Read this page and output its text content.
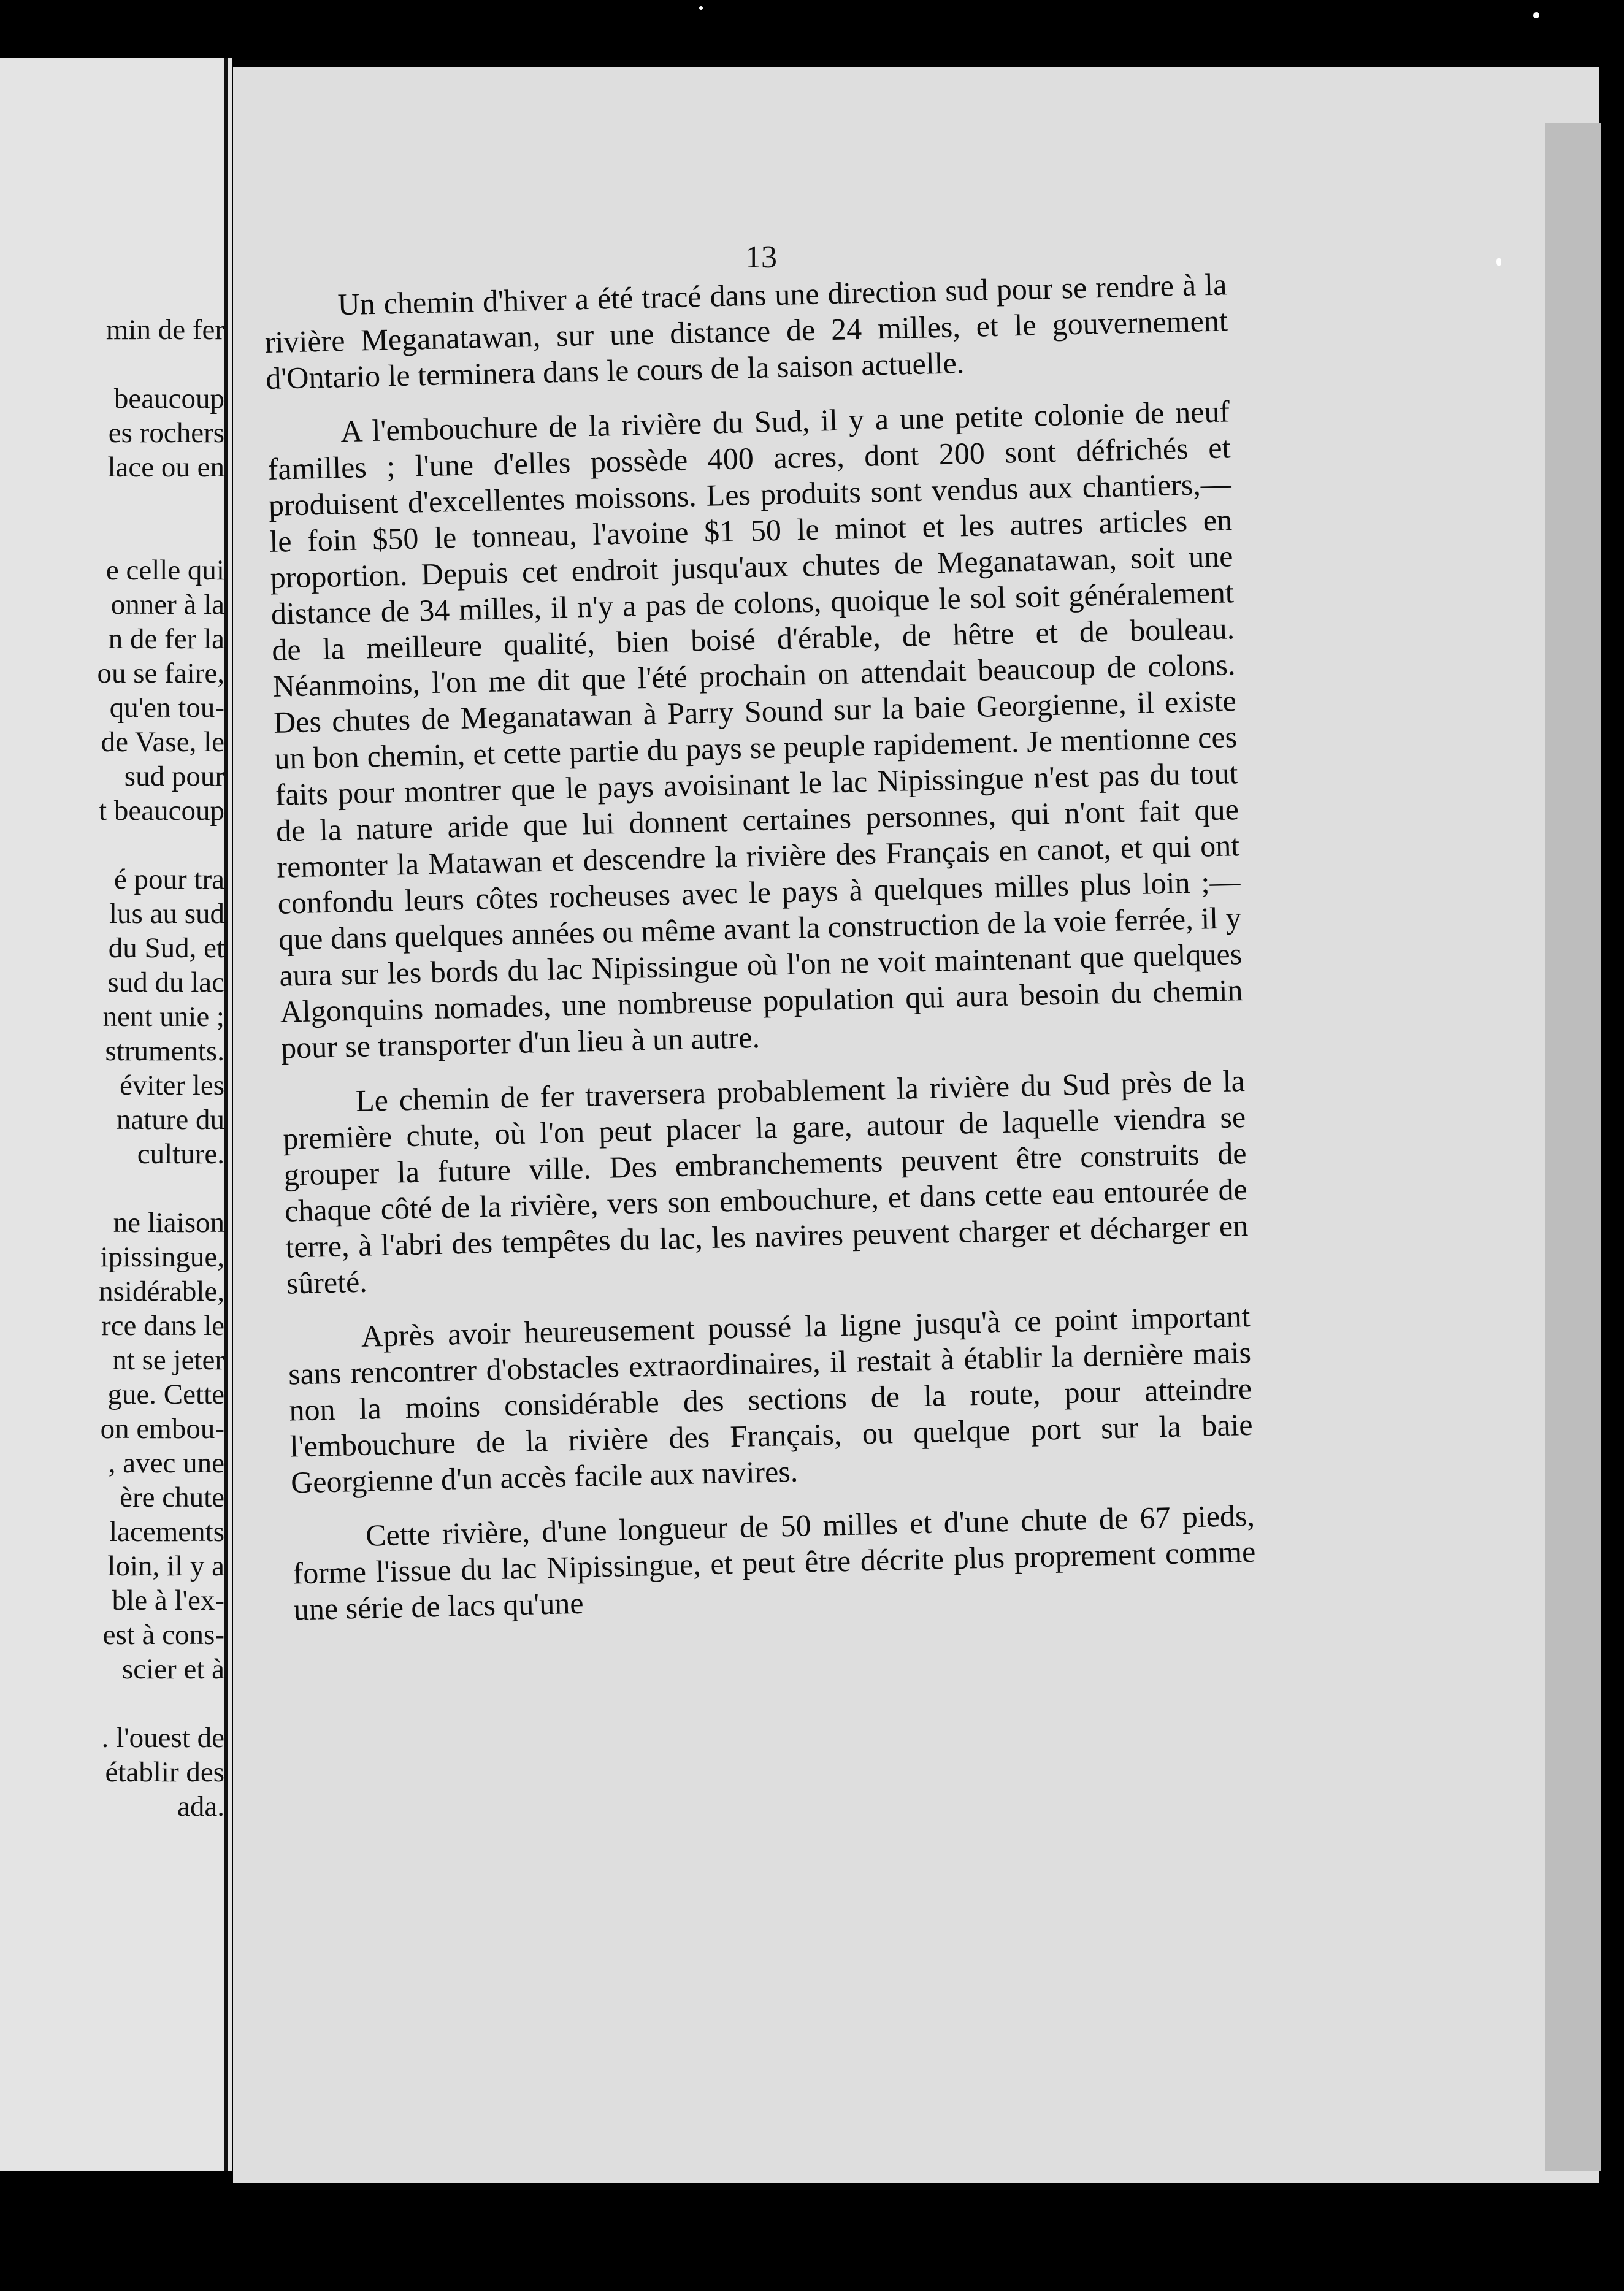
min de fer
beaucoup
es rochers
lace ou en
e celle qui
onner à la
n de fer la
ou se faire,
qu'en tou-
de Vase, le
sud pour
t beaucoup
é pour tra
lus au sud
du Sud, et
sud du lac
nent unie ;
struments.
éviter les
nature du
culture.
ne liaison
ipissingue,
nsidérable,
rce dans le
nt se jeter
gue. Cette
on embou-
, avec une
ère chute
lacements
loin, il y a
ble à l'ex-
est à cons-
scier et à
. l'ouest de
établir des
ada.
13

Un chemin d'hiver a été tracé dans une direction sud pour se rendre à la rivière Meganatawan, sur une distance de 24 milles, et le gouvernement d'Ontario le terminera dans le cours de la saison actuelle.

A l'embouchure de la rivière du Sud, il y a une petite colonie de neuf familles ; l'une d'elles possède 400 acres, dont 200 sont défrichés et produisent d'excellentes moissons. Les produits sont vendus aux chantiers,—le foin $50 le tonneau, l'avoine $1 50 le minot et les autres articles en proportion. Depuis cet endroit jusqu'aux chutes de Meganatawan, soit une distance de 34 milles, il n'y a pas de colons, quoique le sol soit généralement de la meilleure qualité, bien boisé d'érable, de hêtre et de bouleau. Néanmoins, l'on me dit que l'été prochain on attendait beaucoup de colons. Des chutes de Meganatawan à Parry Sound sur la baie Georgienne, il existe un bon chemin, et cette partie du pays se peuple rapidement. Je mentionne ces faits pour montrer que le pays avoisinant le lac Nipissingue n'est pas du tout de la nature aride que lui donnent certaines personnes, qui n'ont fait que remonter la Matawan et descendre la rivière des Français en canot, et qui ont confondu leurs côtes rocheuses avec le pays à quelques milles plus loin ;—que dans quelques années ou même avant la construction de la voie ferrée, il y aura sur les bords du lac Nipissingue où l'on ne voit maintenant que quelques Algonquins nomades, une nombreuse population qui aura besoin du chemin pour se transporter d'un lieu à un autre.

Le chemin de fer traversera probablement la rivière du Sud près de la première chute, où l'on peut placer la gare, autour de laquelle viendra se grouper la future ville. Des embranchements peuvent être construits de chaque côté de la rivière, vers son embouchure, et dans cette eau entourée de terre, à l'abri des tempêtes du lac, les navires peuvent charger et décharger en sûreté.

Après avoir heureusement poussé la ligne jusqu'à ce point important sans rencontrer d'obstacles extraordinaires, il restait à établir la dernière mais non la moins considérable des sections de la route, pour atteindre l'embouchure de la rivière des Français, ou quelque port sur la baie Georgienne d'un accès facile aux navires.

Cette rivière, d'une longueur de 50 milles et d'une chute de 67 pieds, forme l'issue du lac Nipissingue, et peut être décrite plus proprement comme une série de lacs qu'une
